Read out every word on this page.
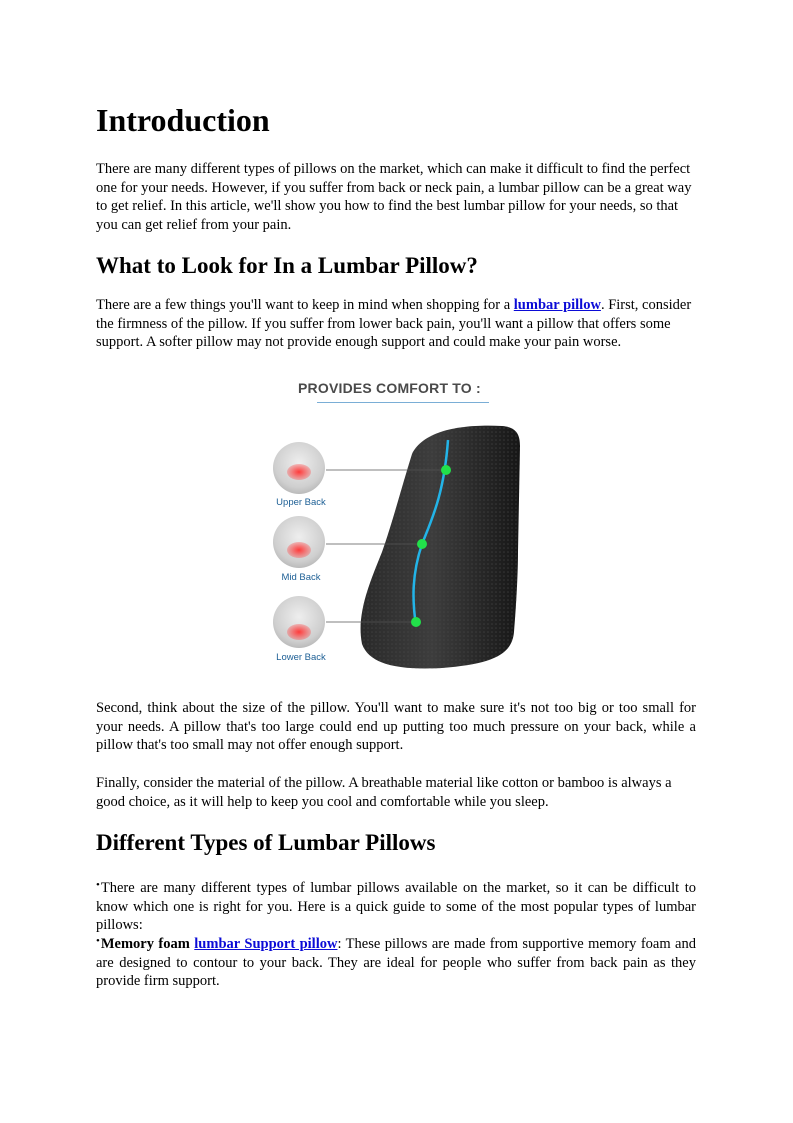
Introduction

There are many different types of pillows on the market, which can make it difficult to find the perfect one for your needs. However, if you suffer from back or neck pain, a lumbar pillow can be a great way to get relief. In this article, we'll show you how to find the best lumbar pillow for your needs, so that you can get relief from your pain.

What to Look for In a Lumbar Pillow?

There are a few things you'll want to keep in mind when shopping for a lumbar pillow. First, consider the firmness of the pillow. If you suffer from lower back pain, you'll want a pillow that offers some support. A softer pillow may not provide enough support and could make your pain worse.

Second, think about the size of the pillow. You'll want to make sure it's not too big or too small for your needs. A pillow that's too large could end up putting too much pressure on your back, while a pillow that's too small may not offer enough support.

Finally, consider the material of the pillow. A breathable material like cotton or bamboo is always a good choice, as it will help to keep you cool and comfortable while you sleep.

Different Types of Lumbar Pillows

•There are many different types of lumbar pillows available on the market, so it can be difficult to know which one is right for you. Here is a quick guide to some of the most popular types of lumbar pillows:

•Memory foam lumbar Support pillow: These pillows are made from supportive memory foam and are designed to contour to your back. They are ideal for people who suffer from back pain as they provide firm support.

PROVIDES COMFORT TO :
Upper Back
Mid Back
Lower Back
